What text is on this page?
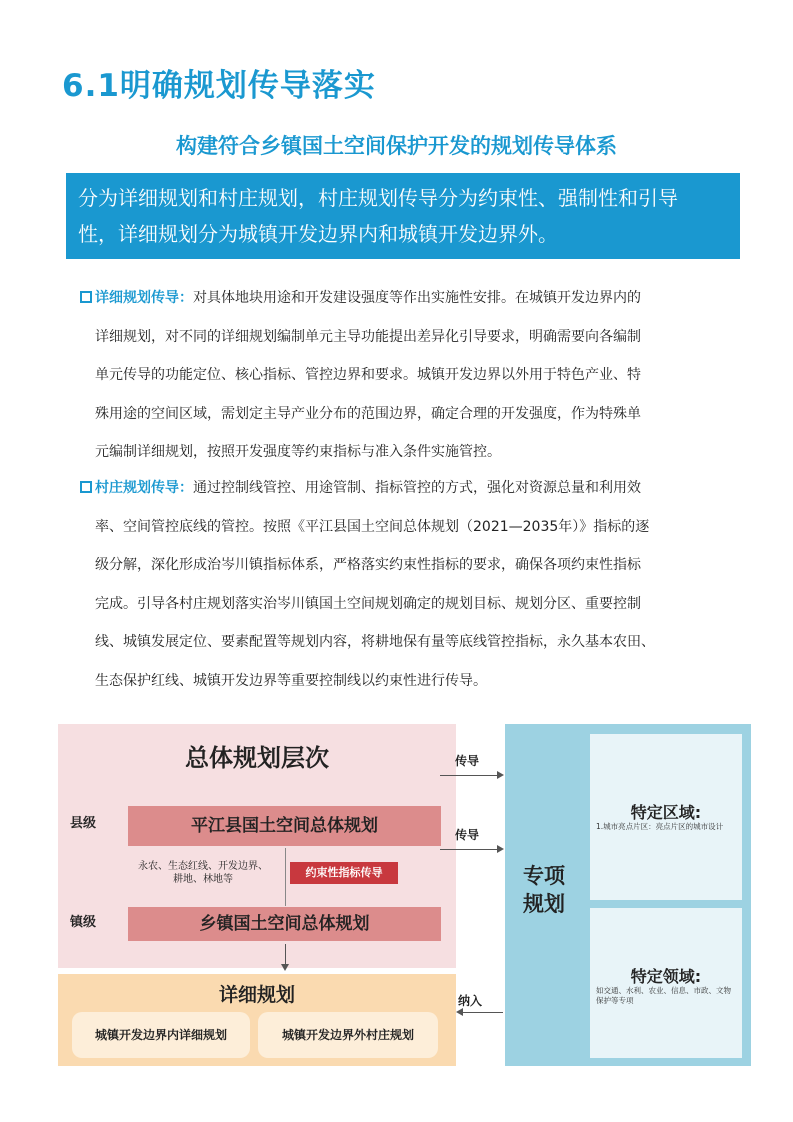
6.1明确规划传导落实
构建符合乡镇国土空间保护开发的规划传导体系
分为详细规划和村庄规划，村庄规划传导分为约束性、强制性和引导
性，详细规划分为城镇开发边界内和城镇开发边界外。
详细规划传导：对具体地块用途和开发建设强度等作出实施性安排。在城镇开发边界内的
详细规划，对不同的详细规划编制单元主导功能提出差异化引导要求，明确需要向各编制
单元传导的功能定位、核心指标、管控边界和要求。城镇开发边界以外用于特色产业、特
殊用途的空间区域，需划定主导产业分布的范围边界，确定合理的开发强度，作为特殊单
元编制详细规划，按照开发强度等约束指标与准入条件实施管控。
村庄规划传导：通过控制线管控、用途管制、指标管控的方式，强化对资源总量和利用效
率、空间管控底线的管控。按照《平江县国土空间总体规划（2021—2035年）》指标的逐
级分解，深化形成治岑川镇指标体系，严格落实约束性指标的要求，确保各项约束性指标
完成。引导各村庄规划落实治岑川镇国土空间规划确定的规划目标、规划分区、重要控制
线、城镇发展定位、要素配置等规划内容，将耕地保有量等底线管控指标，永久基本农田、
生态保护红线、城镇开发边界等重要控制线以约束性进行传导。
总体规划层次
县级
镇级
平江县国土空间总体规划
永农、生态红线、开发边界、
耕地、林地等
约束性指标传导
乡镇国土空间总体规划
详细规划
城镇开发边界内详细规划	城镇开发边界外村庄规划
传导
传导
纳入
专项
规划
特定区域:
1.城市亮点片区：亮点片区的城市设计
特定领域:
如交通、水利、农业、信息、市政、文物
保护等专项
